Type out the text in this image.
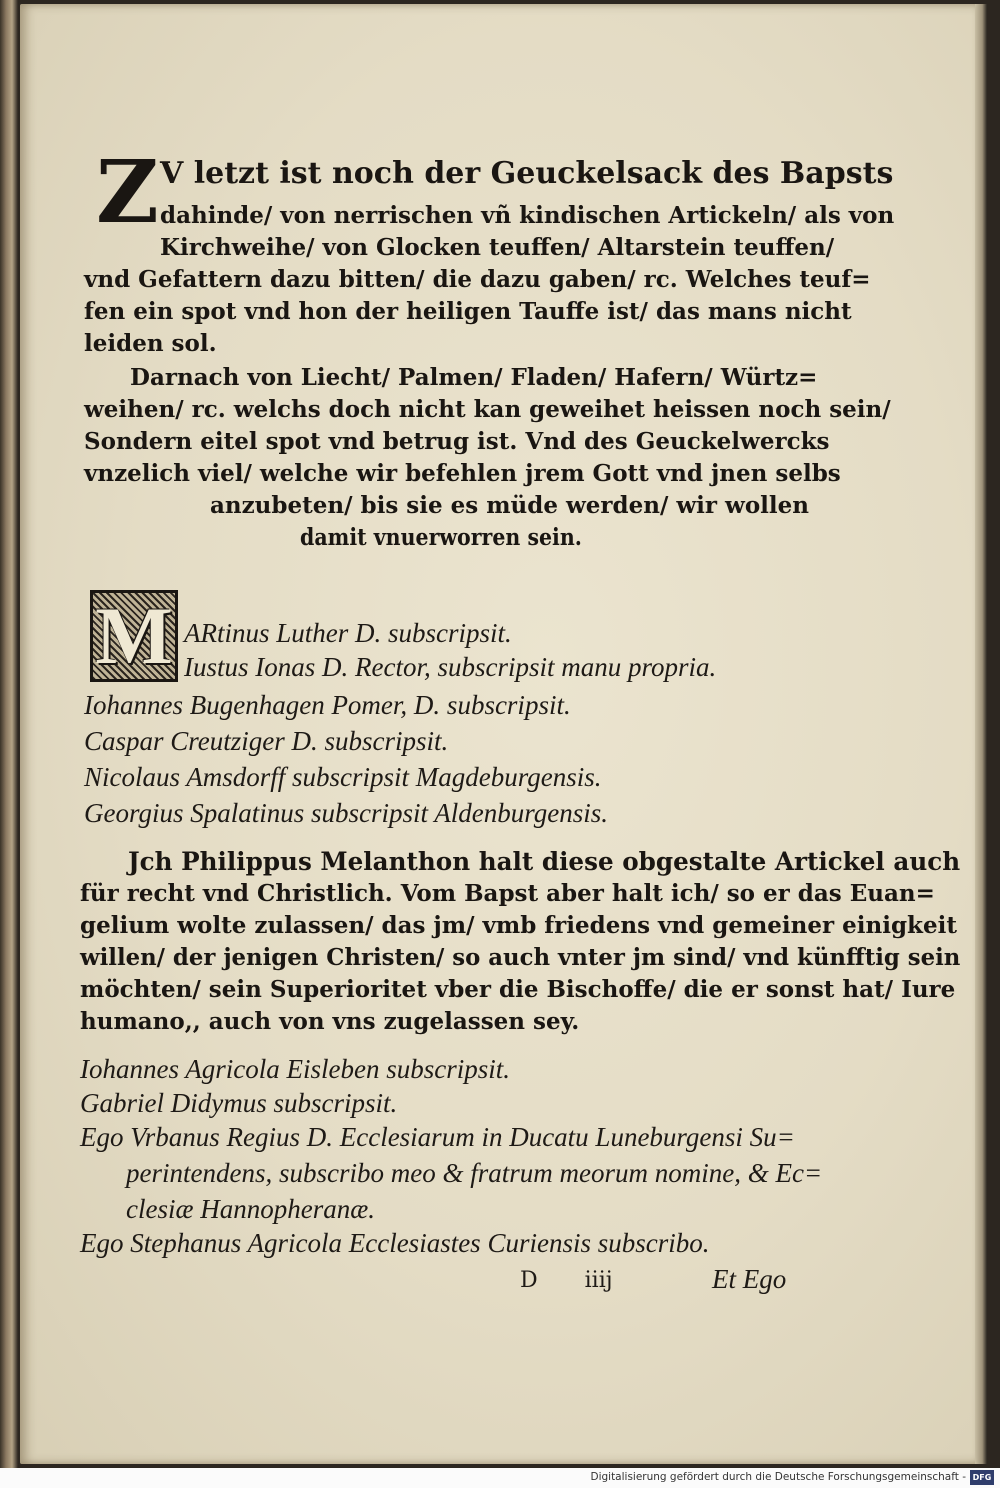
Z V letzt ist noch der Geuckelsack des Bapsts
dahinde/ von nerrischen vñ kindischen Artickeln/ als von
Kirchweihe/ von Glocken teuffen/ Altarstein teuffen/
vnd Gefattern dazu bitten/ die dazu gaben/ rc. Welches teuf=
fen ein spot vnd hon der heiligen Tauffe ist/ das mans nicht
leiden sol.
Darnach von Liecht/ Palmen/ Fladen/ Hafern/ Würtz=
weihen/ rc. welchs doch nicht kan geweihet heissen noch sein/
Sondern eitel spot vnd betrug ist. Vnd des Geuckelwercks
vnzelich viel/ welche wir befehlen jrem Gott vnd jnen selbs
anzubeten/ bis sie es müde werden/ wir wollen
damit vnuerworren sein.
M ARtinus Luther D. subscripsit.
Iustus Ionas D. Rector, subscripsit manu propria.
Iohannes Bugenhagen Pomer, D. subscripsit.
Caspar Creutziger D. subscripsit.
Nicolaus Amsdorff subscripsit Magdeburgensis.
Georgius Spalatinus subscripsit Aldenburgensis.
Jch Philippus Melanthon halt diese obgestalte Artickel auch
für recht vnd Christlich. Vom Bapst aber halt ich/ so er das Euan=
gelium wolte zulassen/ das jm/ vmb friedens vnd gemeiner einigkeit
willen/ der jenigen Christen/ so auch vnter jm sind/ vnd künfftig sein
möchten/ sein Superioritet vber die Bischoffe/ die er sonst hat/ Iure
humano,, auch von vns zugelassen sey.
Iohannes Agricola Eisleben subscripsit.
Gabriel Didymus subscripsit.
Ego Vrbanus Regius D. Ecclesiarum in Ducatu Luneburgensi Su=
perintendens, subscribo meo & fratrum meorum nomine, & Ec=
clesiæ Hannopheranæ.
Ego Stephanus Agricola Ecclesiastes Curiensis subscribo.
D iiij	Et Ego
Digitalisierung gefördert durch die Deutsche Forschungsgemeinschaft - DFG
